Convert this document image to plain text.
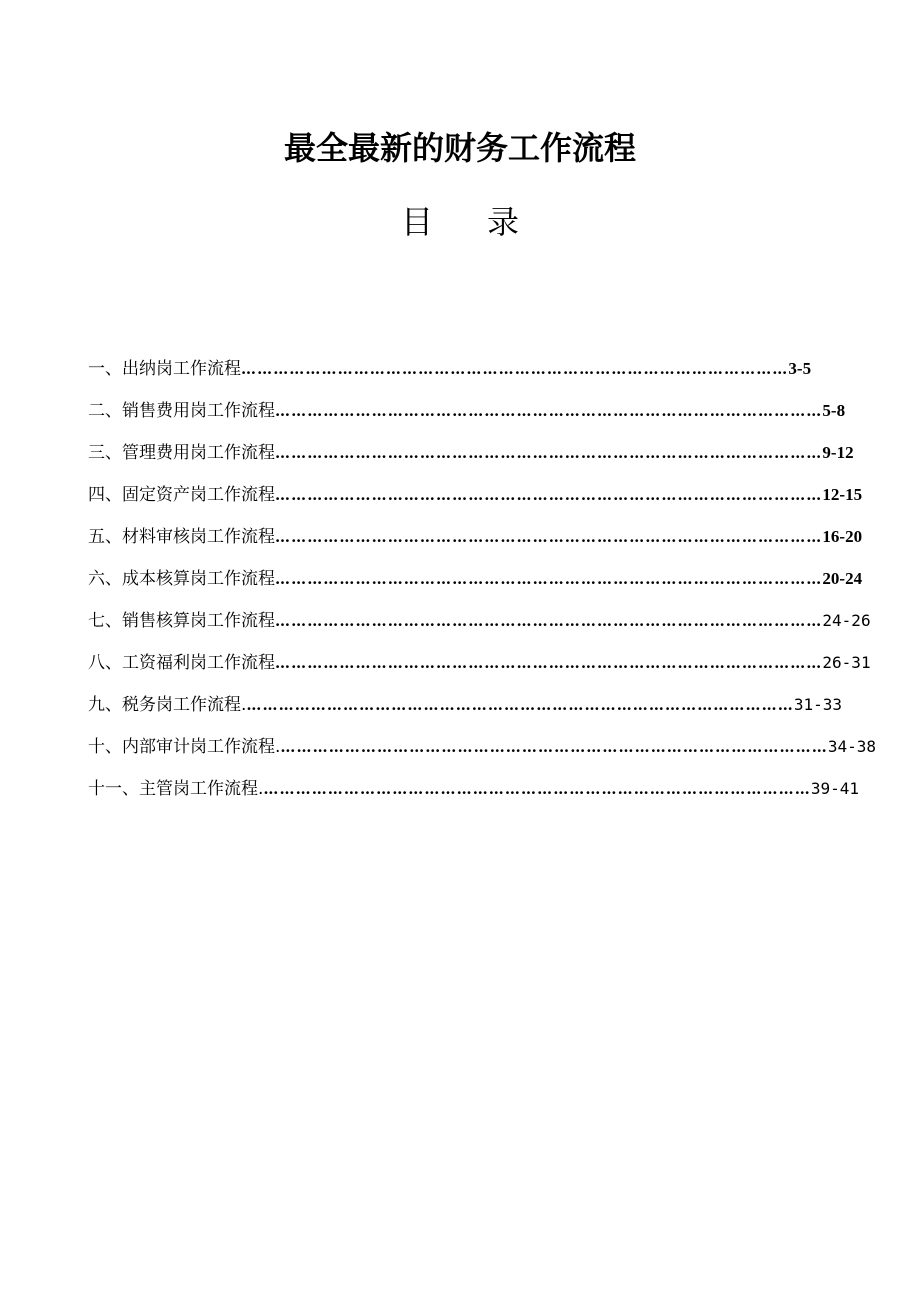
最全最新的财务工作流程
目 录
一、出纳岗工作流程 ………………………………………………………………………………………… 3-5
二、销售费用岗工作流程 ………………………………………………………………………………………… 5-8
三、管理费用岗工作流程 ………………………………………………………………………………………… 9-12
四、固定资产岗工作流程 ………………………………………………………………………………………… 12-15
五、材料审核岗工作流程 ………………………………………………………………………………………… 16-20
六、成本核算岗工作流程 ………………………………………………………………………………………… 20-24
七、销售核算岗工作流程 ………………………………………………………………………………………… 24-26
八、工资福利岗工作流程 ………………………………………………………………………………………… 26-31
九、税务岗工作流程. ………………………………………………………………………………………… 31-33
十、内部审计岗工作流程. ………………………………………………………………………………………… 34-38
十一、主管岗工作流程. ………………………………………………………………………………………… 39-41
